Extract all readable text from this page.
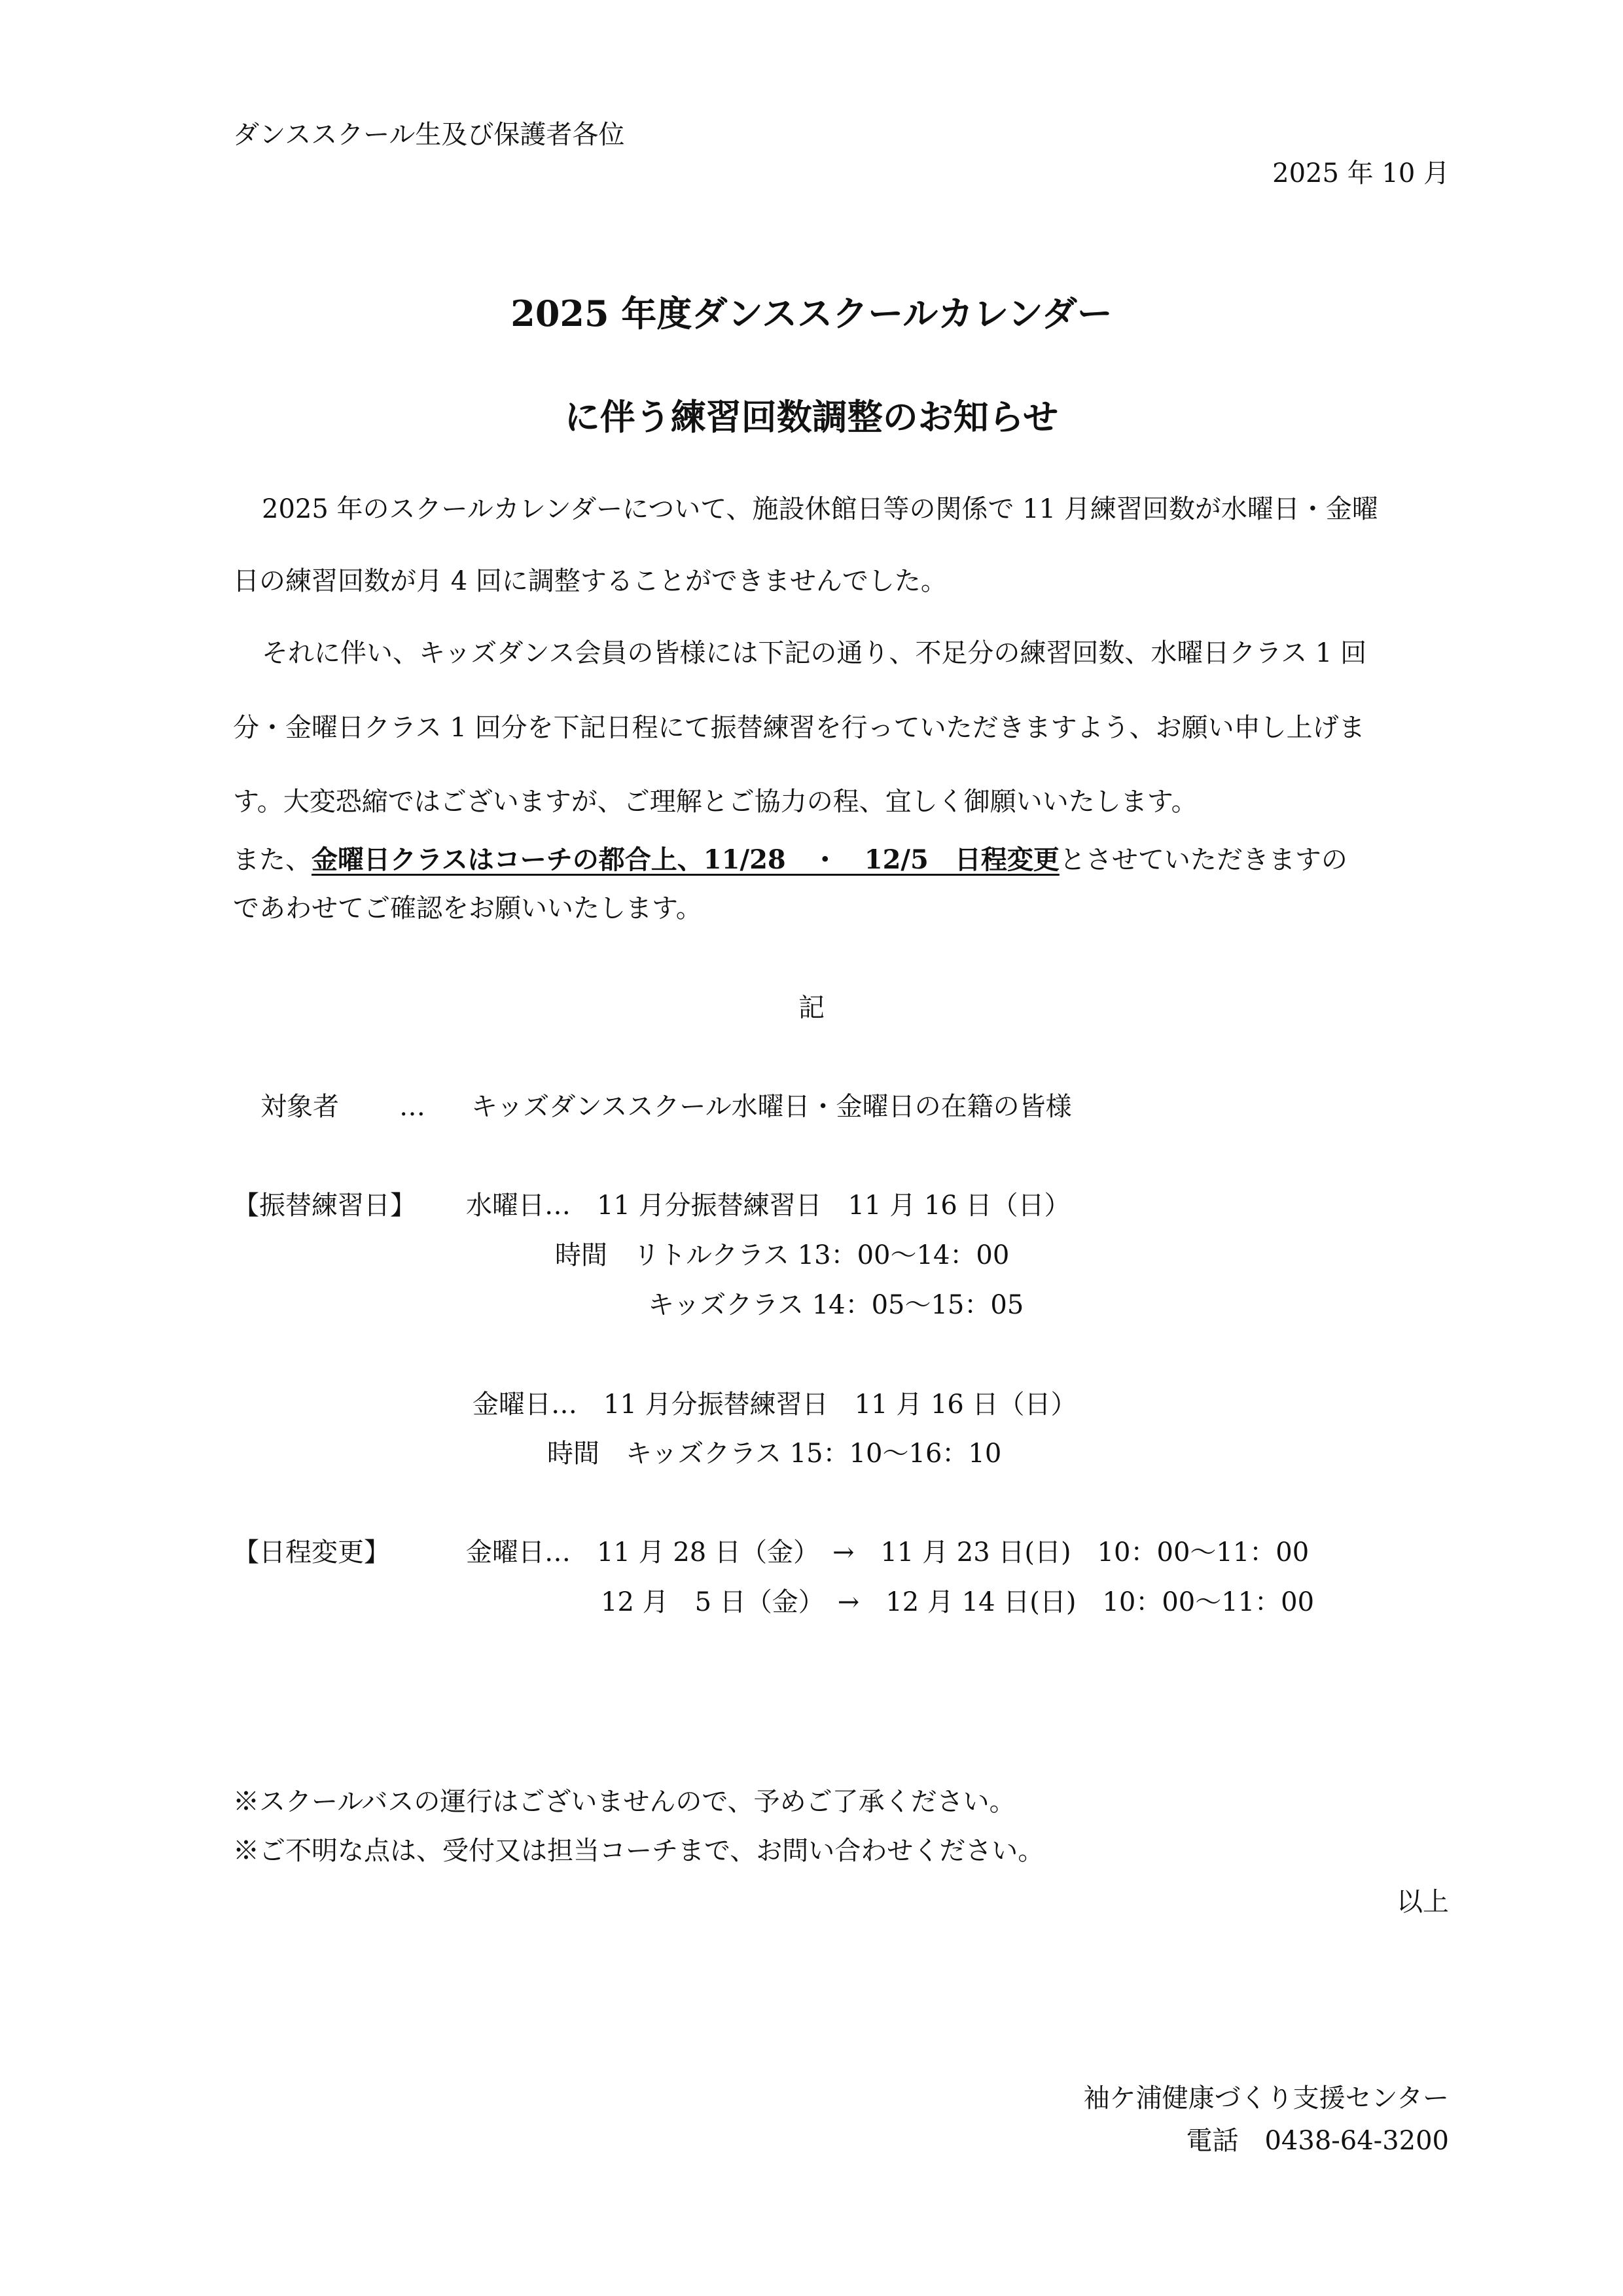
ダンススクール生及び保護者各位
2025 年 10 月
2025 年度ダンススクールカレンダー
に伴う練習回数調整のお知らせ
2025 年のスクールカレンダーについて、施設休館日等の関係で 11 月練習回数が水曜日・金曜
日の練習回数が月 4 回に調整することができませんでした。
それに伴い、キッズダンス会員の皆様には下記の通り、不足分の練習回数、水曜日クラス 1 回
分・金曜日クラス 1 回分を下記日程にて振替練習を行っていただきますよう、お願い申し上げま
す。大変恐縮ではございますが、ご理解とご協力の程、宜しく御願いいたします。
また、金曜日クラスはコーチの都合上、11/28　・　12/5　日程変更とさせていただきますの
であわせてご確認をお願いいたします。
記
対象者 … キッズダンススクール水曜日・金曜日の在籍の皆様
【振替練習日】 水曜日…　11 月分振替練習日　11 月 16 日（日）
時間　リトルクラス 13：00〜14：00
キッズクラス 14：05〜15：05
金曜日…　11 月分振替練習日　11 月 16 日（日）
時間　キッズクラス 15：10〜16：10
【日程変更】	金曜日…　11 月 28 日（金）　→　11 月 23 日(日)　10：00〜11：00
12 月　5 日（金）　→　12 月 14 日(日)　10：00〜11：00
※スクールバスの運行はございませんので、予めご了承ください。
※ご不明な点は、受付又は担当コーチまで、お問い合わせください。
以上
袖ケ浦健康づくり支援センター
電話　0438-64-3200
